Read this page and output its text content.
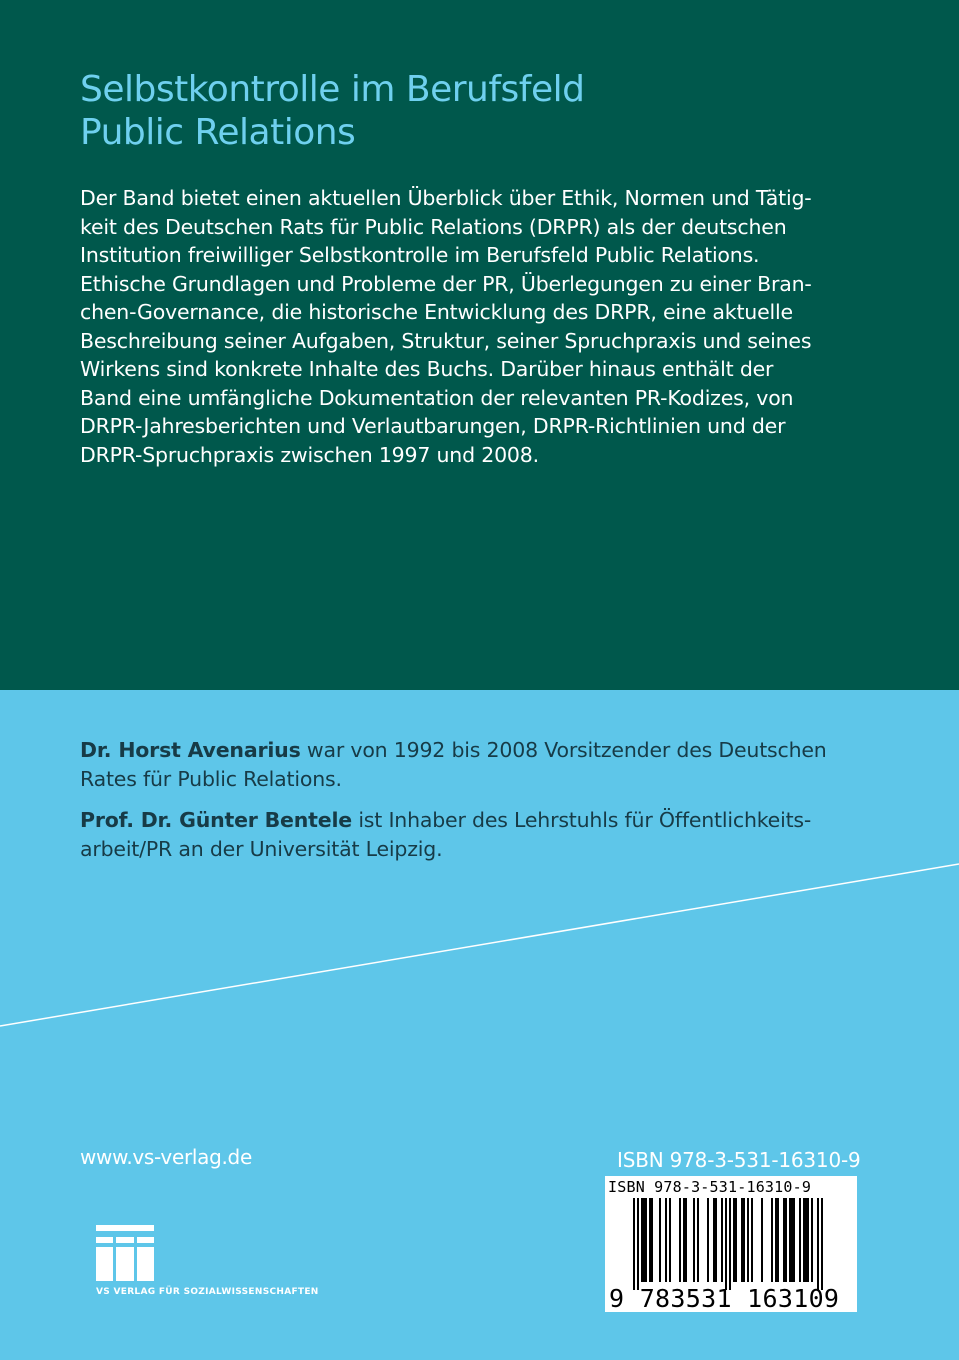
Selbstkontrolle im Berufsfeld
Public Relations
Der Band bietet einen aktuellen Überblick über Ethik, Normen und Tätig-
keit des Deutschen Rats für Public Relations (DRPR) als der deutschen
Institution freiwilliger Selbstkontrolle im Berufsfeld Public Relations.
Ethische Grundlagen und Probleme der PR, Überlegungen zu einer Bran-
chen-Governance, die historische Entwicklung des DRPR, eine aktuelle
Beschreibung seiner Aufgaben, Struktur, seiner Spruchpraxis und seines
Wirkens sind konkrete Inhalte des Buchs. Darüber hinaus enthält der
Band eine umfängliche Dokumentation der relevanten PR-Kodizes, von
DRPR-Jahresberichten und Verlautbarungen, DRPR-Richtlinien und der
DRPR-Spruchpraxis zwischen 1997 und 2008.

Dr. Horst Avenarius war von 1992 bis 2008 Vorsitzender des Deutschen Rates für Public Relations.

Prof. Dr. Günter Bentele ist Inhaber des Lehrstuhls für Öffentlichkeits-arbeit/PR an der Universität Leipzig.

www.vs-verlag.de
VS VERLAG FÜR SOZIALWISSENSCHAFTEN
ISBN 978-3-531-16310-9
ISBN 978-3-531-16310-9
9 783531 163109
